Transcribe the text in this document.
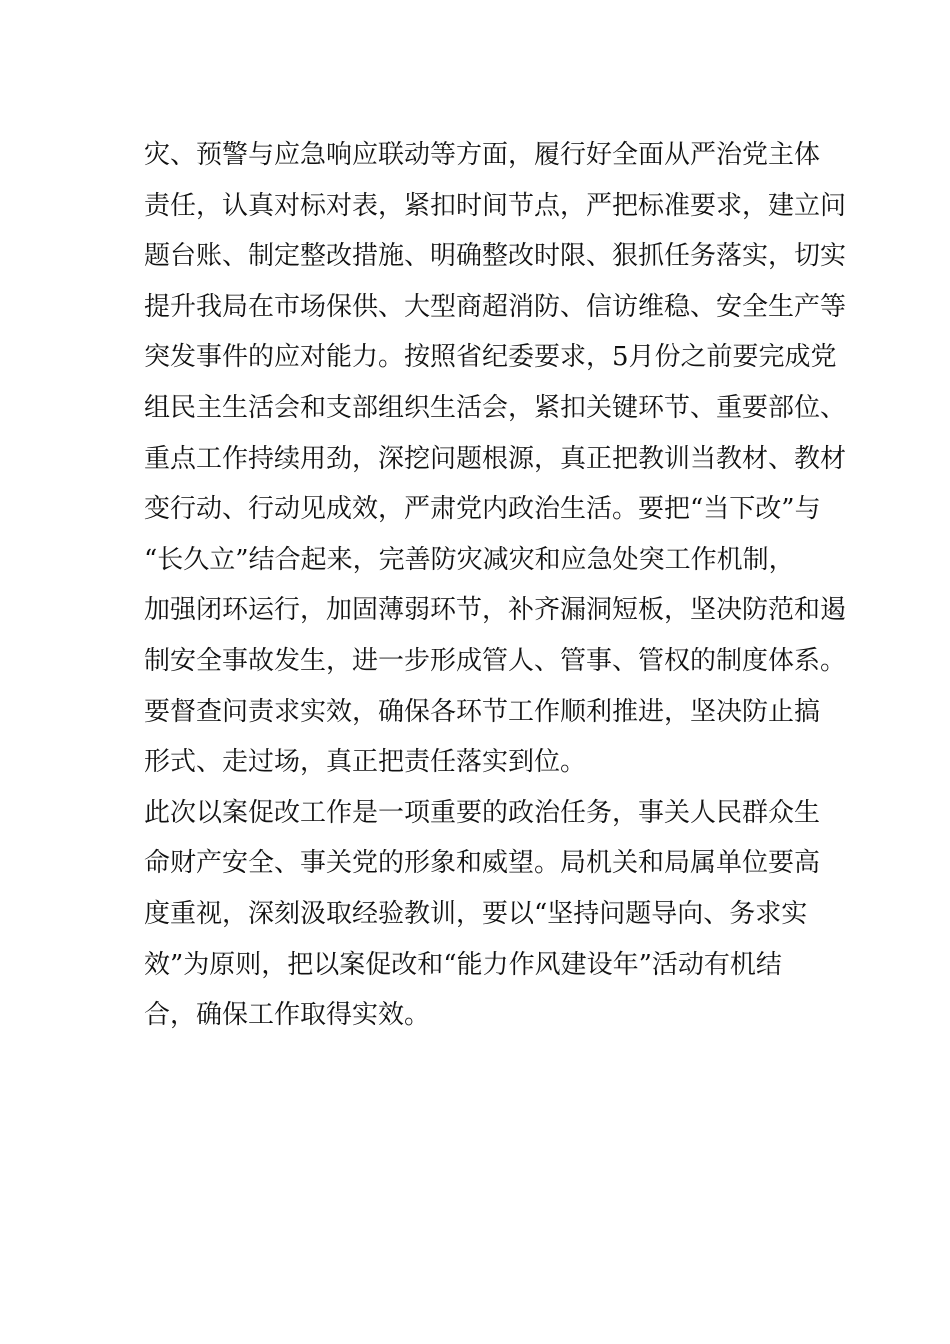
灾、预警与应急响应联动等方面，履行好全面从严治党主体
责任，认真对标对表，紧扣时间节点，严把标准要求，建立问
题台账、制定整改措施、明确整改时限、狠抓任务落实，切实
提升我局在市场保供、大型商超消防、信访维稳、安全生产等
突发事件的应对能力。按照省纪委要求，5月份之前要完成党
组民主生活会和支部组织生活会，紧扣关键环节、重要部位、
重点工作持续用劲，深挖问题根源，真正把教训当教材、教材
变行动、行动见成效，严肃党内政治生活。要把“当下改”与
“长久立”结合起来，完善防灾减灾和应急处突工作机制，
加强闭环运行，加固薄弱环节，补齐漏洞短板，坚决防范和遏
制安全事故发生，进一步形成管人、管事、管权的制度体系。
要督查问责求实效，确保各环节工作顺利推进，坚决防止搞
形式、走过场，真正把责任落实到位。
此次以案促改工作是一项重要的政治任务，事关人民群众生
命财产安全、事关党的形象和威望。局机关和局属单位要高
度重视，深刻汲取经验教训，要以“坚持问题导向、务求实
效”为原则，把以案促改和“能力作风建设年”活动有机结
合，确保工作取得实效。
